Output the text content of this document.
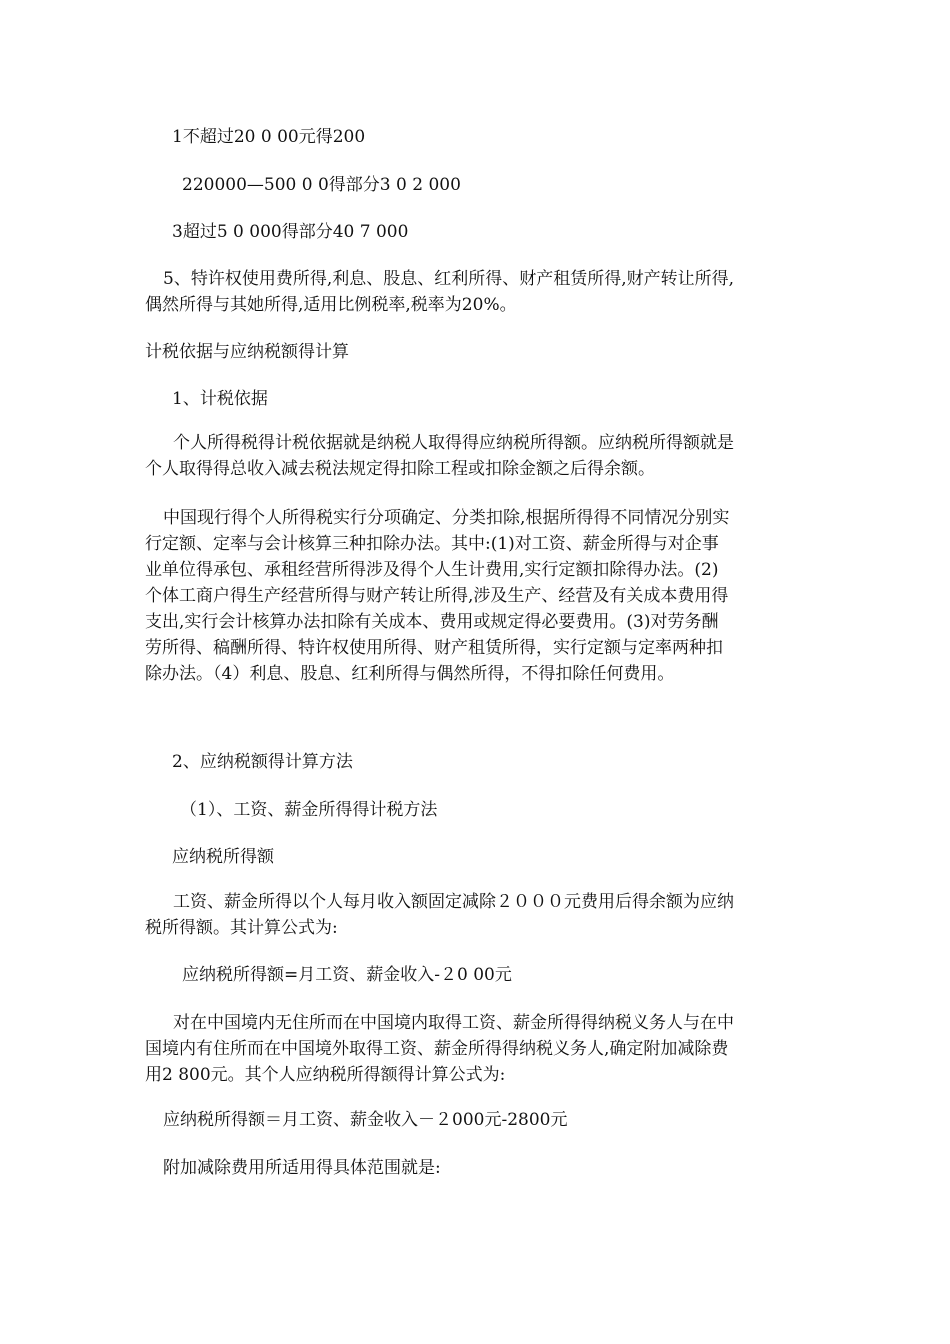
1不超过20 0 00元得200

220000—500 0 0得部分3 0 2 000

3超过5 0 000得部分40 7 000

5、特许权使用费所得,利息、股息、红利所得、财产租赁所得,财产转让所得,
偶然所得与其她所得,适用比例税率,税率为20%。

计税依据与应纳税额得计算

1、计税依据

个人所得税得计税依据就是纳税人取得得应纳税所得额。应纳税所得额就是
个人取得得总收入减去税法规定得扣除工程或扣除金额之后得余额。
中国现行得个人所得税实行分项确定、分类扣除,根据所得得不同情况分别实
行定额、定率与会计核算三种扣除办法。其中:(1)对工资、薪金所得与对企事
业单位得承包、承租经营所得涉及得个人生计费用,实行定额扣除得办法。(2)
个体工商户得生产经营所得与财产转让所得,涉及生产、经营及有关成本费用得
支出,实行会计核算办法扣除有关成本、费用或规定得必要费用。(3)对劳务酬
劳所得、稿酬所得、特许权使用所得、财产租赁所得，实行定额与定率两种扣
除办法。（4）利息、股息、红利所得与偶然所得，不得扣除任何费用。

2、应纳税额得计算方法

（1）、工资、薪金所得得计税方法

应纳税所得额

工资、薪金所得以个人每月收入额固定减除２０００元费用后得余额为应纳
税所得额。其计算公式为:

应纳税所得额=月工资、薪金收入-２0 00元

对在中国境内无住所而在中国境内取得工资、薪金所得得纳税义务人与在中
国境内有住所而在中国境外取得工资、薪金所得得纳税义务人,确定附加减除费
用2 800元。其个人应纳税所得额得计算公式为:

应纳税所得额＝月工资、薪金收入－２000元-2800元

附加减除费用所适用得具体范围就是:
